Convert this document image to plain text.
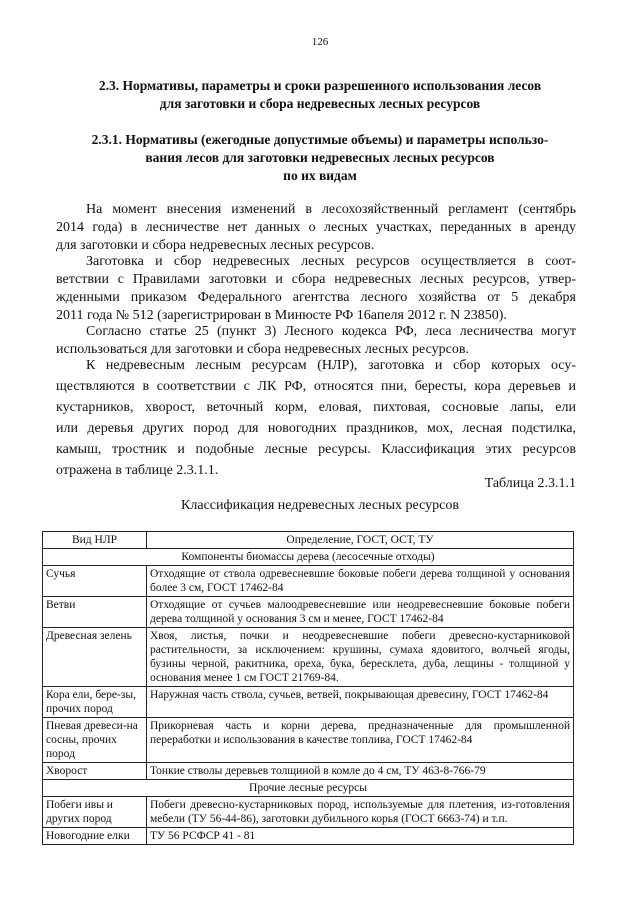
126
2.3. Нормативы, параметры и сроки разрешенного использования лесов
для заготовки и сбора недревесных лесных ресурсов
2.3.1. Нормативы (ежегодные допустимые объемы) и параметры использо-
вания лесов для заготовки недревесных лесных ресурсов
по их видам
На момент внесения изменений в лесохозяйственный регламент (сентябрь
2014 года) в лесничестве нет данных о лесных участках, переданных в аренду
для заготовки и сбора недревесных лесных ресурсов.
Заготовка и сбор недревесных лесных ресурсов осуществляется в соот-
ветствии с Правилами заготовки и сбора недревесных лесных ресурсов, утвер-
жденными приказом Федерального агентства лесного хозяйства от 5 декабря
2011 года № 512 (зарегистрирован в Минюсте РФ 16апеля 2012 г. N 23850).
Согласно статье 25 (пункт 3) Лесного кодекса РФ, леса лесничества могут
использоваться для заготовки и сбора недревесных лесных ресурсов.
К недревесным лесным ресурсам (НЛР), заготовка и сбор которых осу-
ществляются в соответствии с ЛК РФ, относятся пни, бересты, кора деревьев и
кустарников, хворост, веточный корм, еловая, пихтовая, сосновые лапы, ели
или деревья других пород для новогодних праздников, мох, лесная подстилка,
камыш, тростник и подобные лесные ресурсы. Классификация этих ресурсов
отражена в таблице 2.3.1.1.
Таблица 2.3.1.1
Классификация недревесных лесных ресурсов
Вид НЛР	Определение, ГОСТ, ОСТ, ТУ
Компоненты биомассы дерева (лесосечные отходы)	
Сучья	Отходящие от ствола одревесневшие боковые побеги дерева толщиной у основания более 3 см, ГОСТ 17462-84
Ветви	Отходящие от сучьев малоодревесневшие или неодревесневшие боковые побеги дерева толщиной у основания 3 см и менее, ГОСТ 17462-84
Древесная зелень	Хвоя, листья, почки и неодревесневшие побеги древесно-кустарниковой растительности, за исключением: крушины, сумаха ядовитого, волчьей ягоды, бузины черной, ракитника, ореха, бука, бересклета, дуба, лещины - толщиной у основания менее 1 см ГОСТ 21769-84.
Кора ели, бере-зы, прочих пород	Наружная часть ствола, сучьев, ветвей, покрывающая древесину, ГОСТ 17462-84
Пневая древеси-на сосны, прочих пород	Прикорневая часть и корни дерева, предназначенные для промышленной переработки и использования в качестве топлива, ГОСТ 17462-84
Хворост	Тонкие стволы деревьев толщиной в комле до 4 см, ТУ 463-8-766-79
Прочие лесные ресурсы	
Побеги ивы и других пород	Побеги древесно-кустарниковых пород, используемые для плетения, из-готовления мебели (ТУ 56-44-86), заготовки дубильного корья (ГОСТ 6663-74) и т.п.
Новогодние елки	ТУ 56 РСФСР 41 - 81
